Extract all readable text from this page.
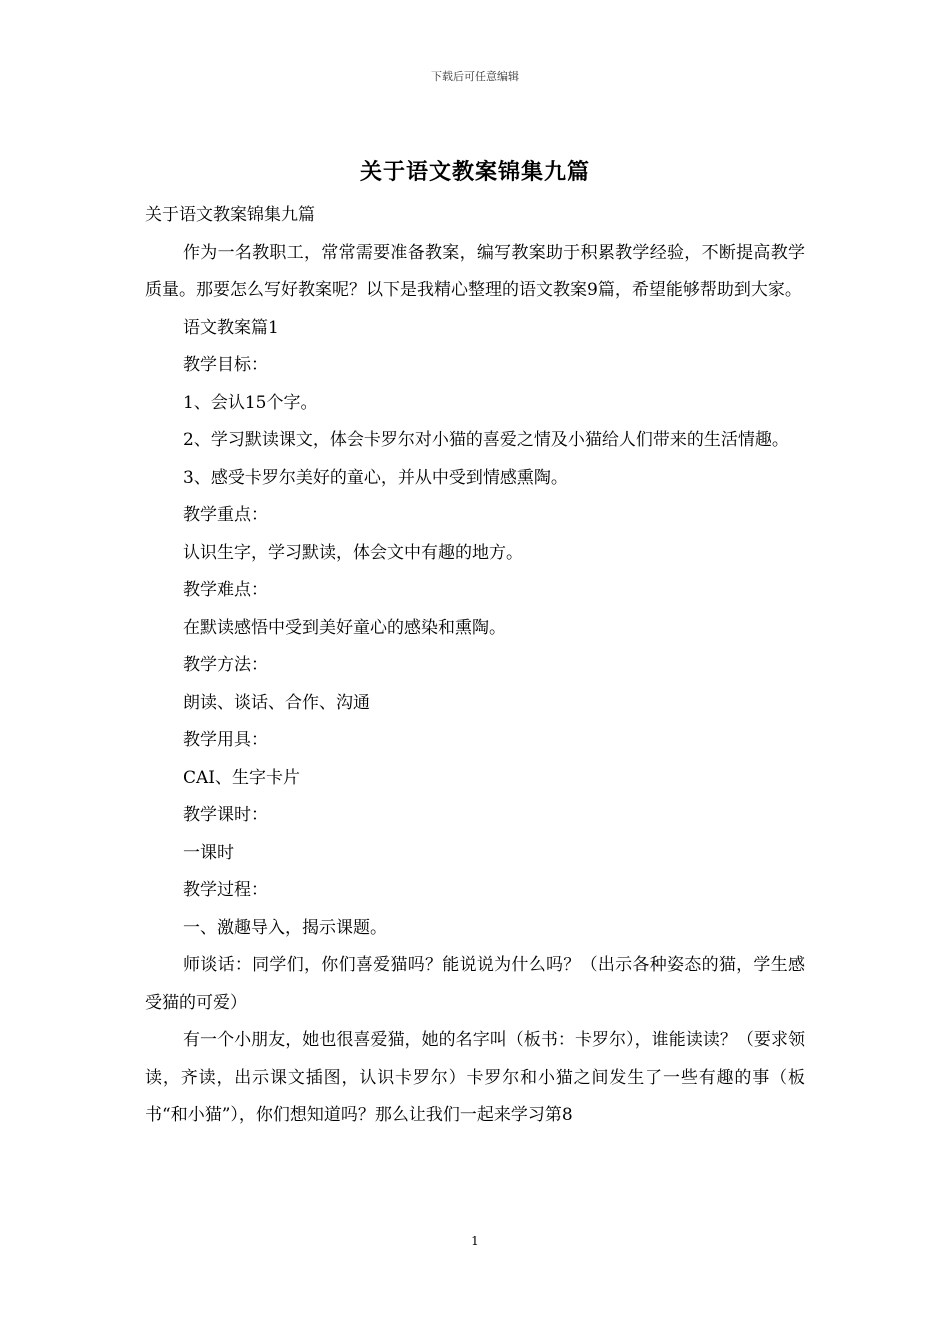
下载后可任意编辑
关于语文教案锦集九篇

关于语文教案锦集九篇

作为一名教职工，常常需要准备教案，编写教案助于积累教学经验，不断提高教学质量。那要怎么写好教案呢？以下是我精心整理的语文教案9篇，希望能够帮助到大家。

语文教案篇1

教学目标：

1、会认15个字。

2、学习默读课文，体会卡罗尔对小猫的喜爱之情及小猫给人们带来的生活情趣。

3、感受卡罗尔美好的童心，并从中受到情感熏陶。

教学重点：

认识生字，学习默读，体会文中有趣的地方。

教学难点：

在默读感悟中受到美好童心的感染和熏陶。

教学方法：

朗读、谈话、合作、沟通

教学用具：

CAI、生字卡片

教学课时：

一课时

教学过程：

一、激趣导入，揭示课题。

师谈话：同学们，你们喜爱猫吗？能说说为什么吗？（出示各种姿态的猫，学生感受猫的可爱）

有一个小朋友，她也很喜爱猫，她的名字叫（板书：卡罗尔），谁能读读？（要求领读，齐读，出示课文插图，认识卡罗尔）卡罗尔和小猫之间发生了一些有趣的事（板书“和小猫”），你们想知道吗？那么让我们一起来学习第8

1
